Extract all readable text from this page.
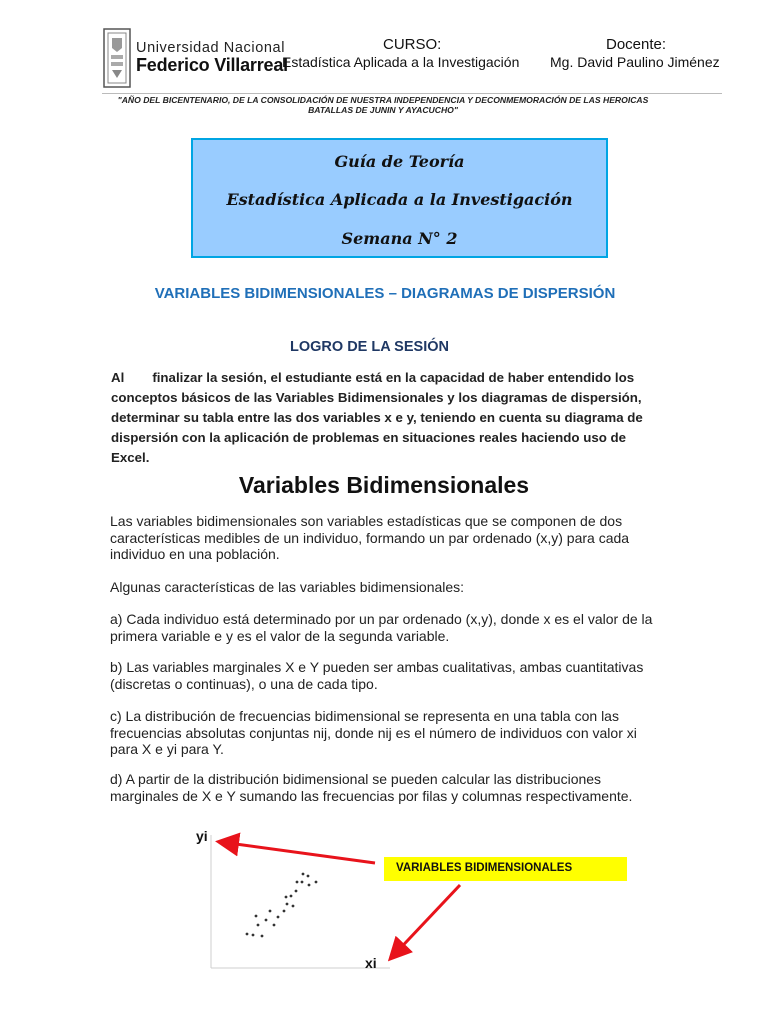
Universidad Nacional
Federico Villarreal
CURSO:
Estadística Aplicada a la Investigación
Docente:
Mg. David Paulino Jiménez
"AÑO DEL BICENTENARIO, DE LA CONSOLIDACIÓN DE NUESTRA INDEPENDENCIA Y DECONMEMORACIÓN DE LAS HEROICAS BATALLAS DE JUNIN Y AYACUCHO"
Guía de Teoría
Estadística Aplicada a la Investigación
Semana N° 2
VARIABLES BIDIMENSIONALES – DIAGRAMAS DE DISPERSIÓN
LOGRO DE LA SESIÓN
Al finalizar la sesión, el estudiante está en la capacidad de haber entendido los conceptos básicos de las Variables Bidimensionales y los diagramas de dispersión, determinar su tabla entre las dos variables x e y, teniendo en cuenta su diagrama de dispersión con la aplicación de problemas en situaciones reales haciendo uso de Excel.
Variables Bidimensionales
Las variables bidimensionales son variables estadísticas que se componen de dos características medibles de un individuo, formando un par ordenado (x,y) para cada individuo en una población.
Algunas características de las variables bidimensionales:
a) Cada individuo está determinado por un par ordenado (x,y), donde x es el valor de la primera variable e y es el valor de la segunda variable.
b) Las variables marginales X e Y pueden ser ambas cualitativas, ambas cuantitativas (discretas o continuas), o una de cada tipo.
c) La distribución de frecuencias bidimensional se representa en una tabla con las frecuencias absolutas conjuntas nij, donde nij es el número de individuos con valor xi para X e yi para Y.
d) A partir de la distribución bidimensional se pueden calcular las distribuciones marginales de X e Y sumando las frecuencias por filas y columnas respectivamente.
yi
xi
VARIABLES BIDIMENSIONALES
